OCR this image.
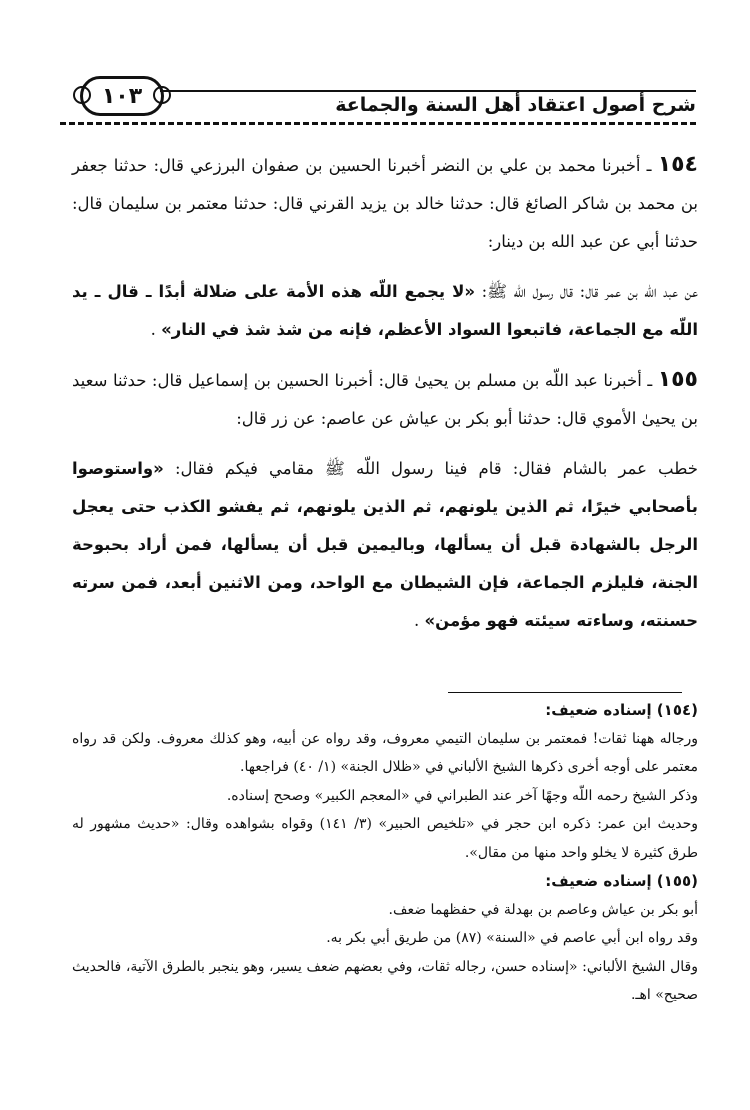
١٠٣	شرح أصول اعتقاد أهل السنة والجماعة

١٥٤ ـ أخبرنا محمد بن علي بن النضر أخبرنا الحسين بن صفوان البرزعي قال: حدثنا جعفر بن محمد بن شاكر الصائغ قال: حدثنا خالد بن يزيد القرني قال: حدثنا معتمر بن سليمان قال: حدثنا أبي عن عبد الله بن دينار:

عن عبد الله بن عمر قال: قال رسول الله ﷺ: «لا يجمع اللّه هذه الأمة على ضلالة أبدًا ـ قال ـ يد اللّه مع الجماعة، فاتبعوا السواد الأعظم، فإنه من شذ شذ في النار» .

١٥٥ ـ أخبرنا عبد اللّه بن مسلم بن يحيىٰ قال: أخبرنا الحسين بن إسماعيل قال: حدثنا سعيد بن يحيىٰ الأموي قال: حدثنا أبو بكر بن عياش عن عاصم: عن زر قال:

خطب عمر بالشام فقال: قام فينا رسول اللّه ﷺ مقامي فيكم فقال: «واستوصوا بأصحابي خيرًا، ثم الذين يلونهم، ثم الذين يلونهم، ثم يفشو الكذب حتى يعجل الرجل بالشهادة قبل أن يسألها، وباليمين قبل أن يسألها، فمن أراد بحبوحة الجنة، فليلزم الجماعة، فإن الشيطان مع الواحد، ومن الاثنين أبعد، فمن سرته حسنته، وساءته سيئته فهو مؤمن» .

(١٥٤) إسناده ضعيف:

ورجاله ههنا ثقات! فمعتمر بن سليمان التيمي معروف، وقد رواه عن أبيه، وهو كذلك معروف. ولكن قد رواه معتمر على أوجه أخرى ذكرها الشيخ الألباني في «ظلال الجنة» (١/ ٤٠) فراجعها.

وذكر الشيخ رحمه اللّه وجهًا آخر عند الطبراني في «المعجم الكبير» وصحح إسناده.

وحديث ابن عمر: ذكره ابن حجر في «تلخيص الحبير» (٣/ ١٤١) وقواه بشواهده وقال: «حديث مشهور له طرق كثيرة لا يخلو واحد منها من مقال».

(١٥٥) إسناده ضعيف:

أبو بكر بن عياش وعاصم بن بهدلة في حفظهما ضعف.

وقد رواه ابن أبي عاصم في «السنة» (٨٧) من طريق أبي بكر به.

وقال الشيخ الألباني: «إسناده حسن، رجاله ثقات، وفي بعضهم ضعف يسير، وهو ينجبر بالطرق الآتية، فالحديث صحيح» اهـ.
